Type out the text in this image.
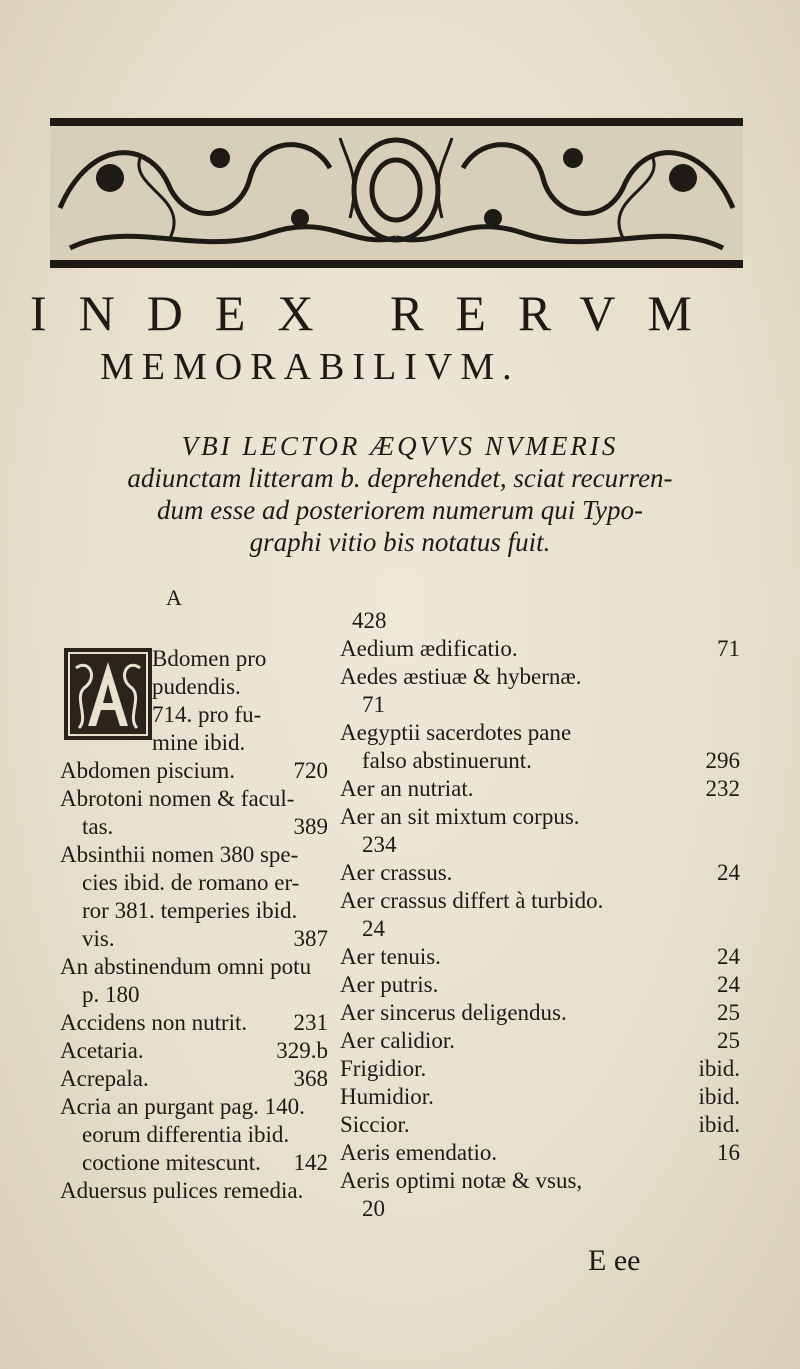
INDEX RERVM
MEMORABILIVM.
VBI LECTOR ÆQVVS NVMERIS
adiunctam litteram b. deprehendet, sciat recurren-
dum esse ad posteriorem numerum qui Typo-
graphi vitio bis notatus fuit.
A
Bdomen pro
pudendis.
714. pro fu-
mine ibid.
Abdomen piscium.	720
Abrotoni nomen & facul-
tas.	389
Absinthii nomen 380 spe-
cies ibid. de romano er-
ror 381. temperies ibid.
vis.	387
An abstinendum omni potu
p. 180
Accidens non nutrit.	231
Acetaria.	329.b
Acrepala.	368
Acria an purgant pag. 140.
eorum differentia ibid.
coctione mitescunt.	142
Aduersus pulices remedia.
428
Aedium ædificatio.	71
Aedes æstiuæ & hybernæ.
71
Aegyptii sacerdotes pane
falso abstinuerunt.	296
Aer an nutriat.	232
Aer an sit mixtum corpus.
234
Aer crassus.	24
Aer crassus differt à turbido.
24
Aer tenuis.	24
Aer putris.	24
Aer sincerus deligendus.	25
Aer calidior.	25
Frigidior.	ibid.
Humidior.	ibid.
Siccior.	ibid.
Aeris emendatio.	16
Aeris optimi notæ & vsus,
20
E ee
